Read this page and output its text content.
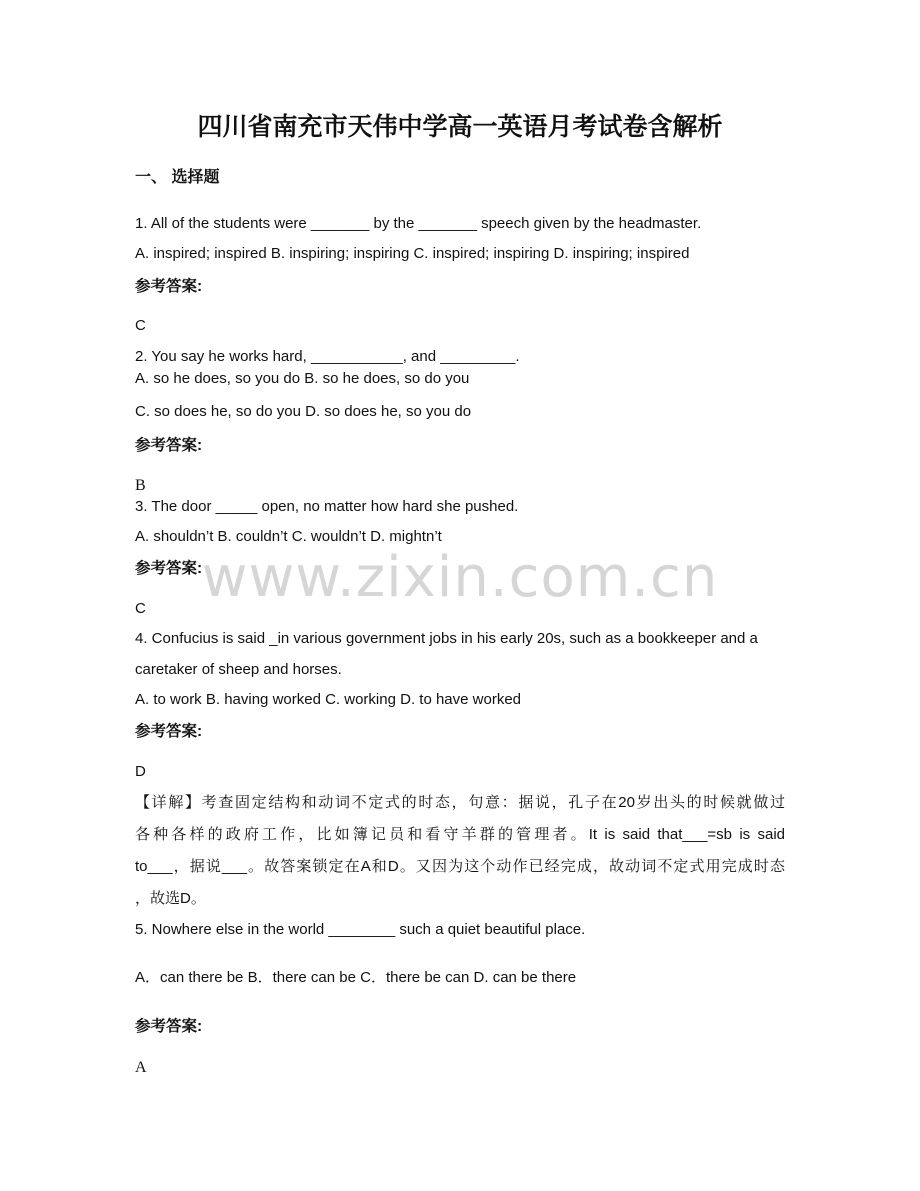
www.zixin.com.cn
四川省南充市天伟中学高一英语月考试卷含解析
一、 选择题
1. All of the students were _______ by the _______ speech given by the headmaster.
A. inspired; inspired B. inspiring; inspiring C. inspired; inspiring D. inspiring; inspired
参考答案:
C
2. You say he works hard, ___________, and _________.
A. so he does, so you do B. so he does, so do you
C. so does he, so do you D. so does he, so you do
参考答案:
B
3. The door _____ open, no matter how hard she pushed.
A. shouldn’t B. couldn’t C. wouldn’t D. mightn’t
参考答案:
C
4. Confucius is said _in various government jobs in his early 20s, such as a bookkeeper and a
caretaker of sheep and horses.
A. to work B. having worked C. working D. to have worked
参考答案:
D
【详解】考查固定结构和动词不定式的时态，句意：据说，孔子在20岁出头的时候就做过
各种各样的政府工作，比如簿记员和看守羊群的管理者。It is said that___=sb is said
to___，据说___。故答案锁定在A和D。又因为这个动作已经完成，故动词不定式用完成时态
，故选D。
5. Nowhere else in the world ________ such a quiet beautiful place.
A．can there be B．there can be C．there be can D. can be there
参考答案:
A
